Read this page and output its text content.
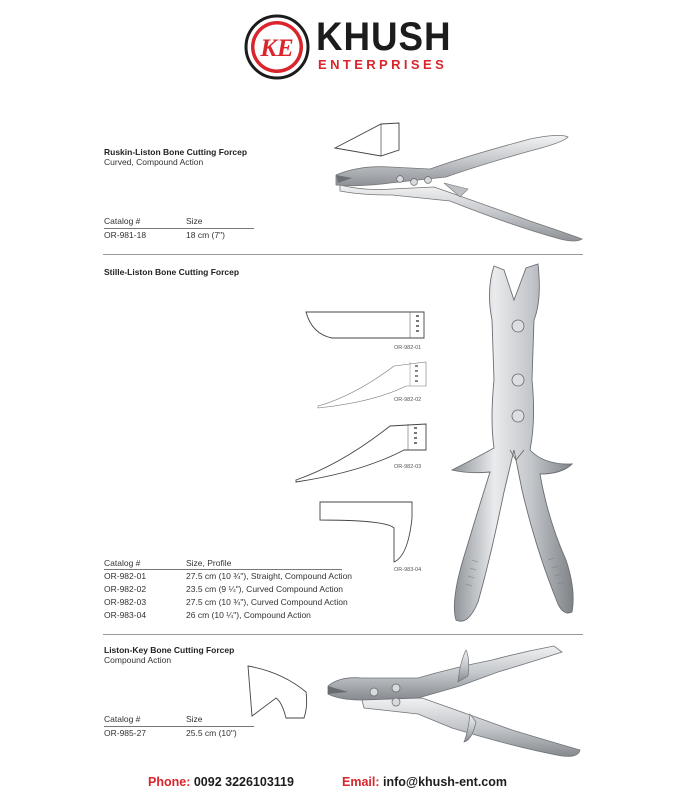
KE KHUSH
ENTERPRISES
Ruskin-Liston Bone Cutting Forcep
Curved, Compound Action
Catalog #	Size
OR-981-18	18 cm (7")
Stille-Liston Bone Cutting Forcep
OR-982-01
OR-982-02
OR-982-03
OR-983-04
Catalog #	Size, Profile
OR-982-01	27.5 cm (10 ¾"), Straight, Compound Action
OR-982-02	23.5 cm (9 ¼"), Curved Compound Action
OR-982-03	27.5 cm (10 ¾"), Curved Compound Action
OR-983-04	26 cm (10 ¼"), Compound Action
Liston-Key Bone Cutting Forcep
Compound Action
Catalog #	Size
OR-985-27	25.5 cm (10")
Phone: 0092 3226103119	Email: info@khush-ent.com
